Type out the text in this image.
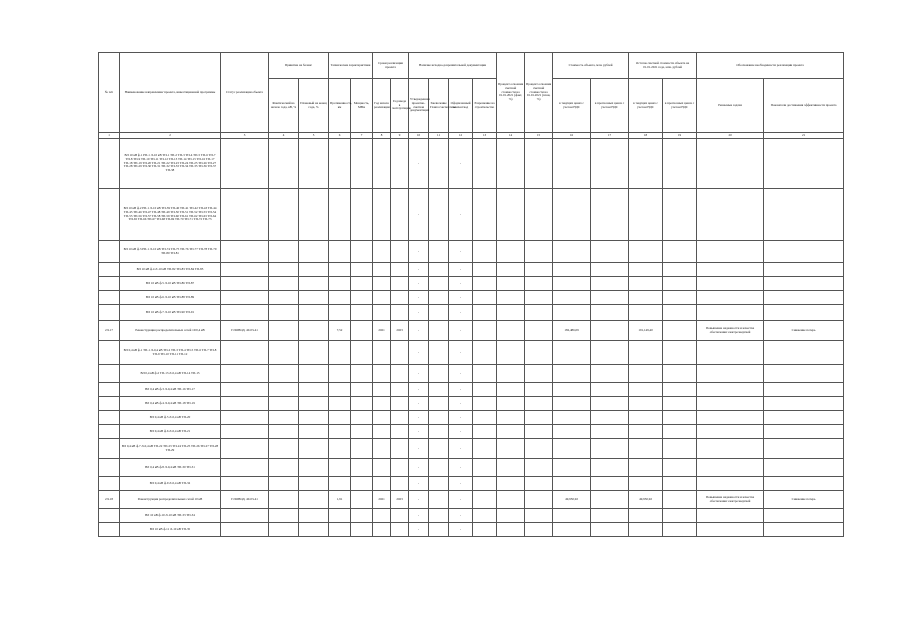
№ п/п	Наименование направления/ проекта, инвестиционной программы	Статус реализации объекта	Принятие на баланс		Технические характеристики		Сроки реализации проекта		Наличие исходно-разрешительной документации				Процент освоения сметной стоимости на 01.01.2021 (факт, %)	Процент освоения сметной стоимости на 01.01.2021 (план, %)	Стоимость объекта, млн. рублей		Остаток сметной стоимости объекта на 01.01.2021 года, млн. рублей		Обоснование необходимости реализации проекта	
			Фактический на начало года, кВ, %	Плановый на конец года, %	Протяженность, км	Мощность, МВА	Год начала реализации	Год ввода в эксплуатацию	Утвержденная проектно-сметная документация	Заключение Главгосэкспертизы	Оформленный землеотвод	Разрешение на строительство			в текущих ценах с учетом НДС	в прогнозных ценах с учетом НДС	в текущих ценах с учетом НДС	в прогнозных ценах с учетом НДС	Решаемые задачи	Показатели достижения эффективности проекта
1	2	3	4	5	6	7	8	9	10	11	12	13	14	15	16	17	18	19	20	21
	ВЛ 10 кВ ф.1 РП-1 Л-10 кВ ТП-1 ТП-2 ТП-3 ТП-4 ТП-5 ТП-6 ТП-7 ТП-8 ТП-9 ТП-10 ТП-11 ТП-12 ТП-13 ТП-14 ТП-15 ТП-16 ТП-17 ТП-18 ТП-19 ТП-20 ТП-21 ТП-22 ТП-23 ТП-24 ТП-25 ТП-26 ТП-27 ТП-28 ТП-29 ТП-30 ТП-31 ТП-32 ТП-33 ТП-34 ТП-35 ТП-36 ТП-37 ТП-38								-		-									
	ВЛ 10 кВ ф.2 РП-1 Л-10 кВ ТП-39 ТП-40 ТП-41 ТП-42 ТП-43 ТП-44 ТП-45 ТП-46 ТП-47 ТП-48 ТП-49 ТП-50 ТП-51 ТП-52 ТП-53 ТП-54 ТП-55 ТП-56 ТП-57 ТП-58 ТП-59 ТП-60 ТП-61 ТП-62 ТП-63 ТП-64 ТП-65 ТП-66 ТП-67 ТП-68 ТП-69 ТП-70 ТП-71 ТП-72 ТП-73								-		-									
	ВЛ 10 кВ ф.3 РП-1 Л-10 кВ ТП-74 ТП-75 ТП-76 ТП-77 ТП-78 ТП-79 ТП-80 ТП-81								-		-									
	ВЛ 10 кВ ф.4 Л-10 кВ ТП-82 ТП-83 ТП-84 ТП-85								-		-									
	ВЛ 10 кВ ф.5 Л-10 кВ ТП-86 ТП-87								-		-									
	ВЛ 10 кВ ф.6 Л-10 кВ ТП-88 ТП-89								-		-									
	ВЛ 10 кВ ф.7 Л-10 кВ ТП-90 ТП-91								-		-									
2.9.17	Реконструкция распределительных сетей 10/0,4 кВ	Г.ПОВОД, 40-03-41			7,52		2021	2023	-		-				182,486,09		191,149,40		Повышение надежности и качества обеспечения электроэнергией	Снижение потерь
	ВЛ 0,4 кВ ф.1 ТП-1 Л-0,4 кВ ТП-2 ТП-3 ТП-4 ТП-5 ТП-6 ТП-7 ТП-8 ТП-9 ТП-10 ТП-11 ТП-12								-		-									
	ВЛ 0,4 кВ ф.2 ТП-13 Л-0,4 кВ ТП-14 ТП-15								-		-									
	ВЛ 0,4 кВ ф.3 Л-0,4 кВ ТП-16 ТП-17								-		-									
	ВЛ 0,4 кВ ф.4 Л-0,4 кВ ТП-18 ТП-19								-		-									
	ВЛ 0,4 кВ ф.5 Л-0,4 кВ ТП-20								-		-									
	ВЛ 0,4 кВ ф.6 Л-0,4 кВ ТП-21								-		-									
	ВЛ 0,4 кВ ф.7 Л-0,4 кВ ТП-22 ТП-23 ТП-24 ТП-25 ТП-26 ТП-27 ТП-28 ТП-29								-		-									
	ВЛ 0,4 кВ ф.8 Л-0,4 кВ ТП-30 ТП-31								-		-									
	ВЛ 0,4 кВ ф.9 Л-0,4 кВ ТП-32								-		-									
2.9.18	Реконструкция распределительных сетей 10 кВ	Г.ПОВОД, 40-03-41			1,91		2021	2023	-		-				49,950,92		49,950,92		Повышение надежности и качества обеспечения электроэнергией	Снижение потерь
	ВЛ 10 кВ ф.10 Л-10 кВ ТП-33 ТП-34								-		-									
	ВЛ 10 кВ ф.11 Л-10 кВ ТП-35								-		-									
